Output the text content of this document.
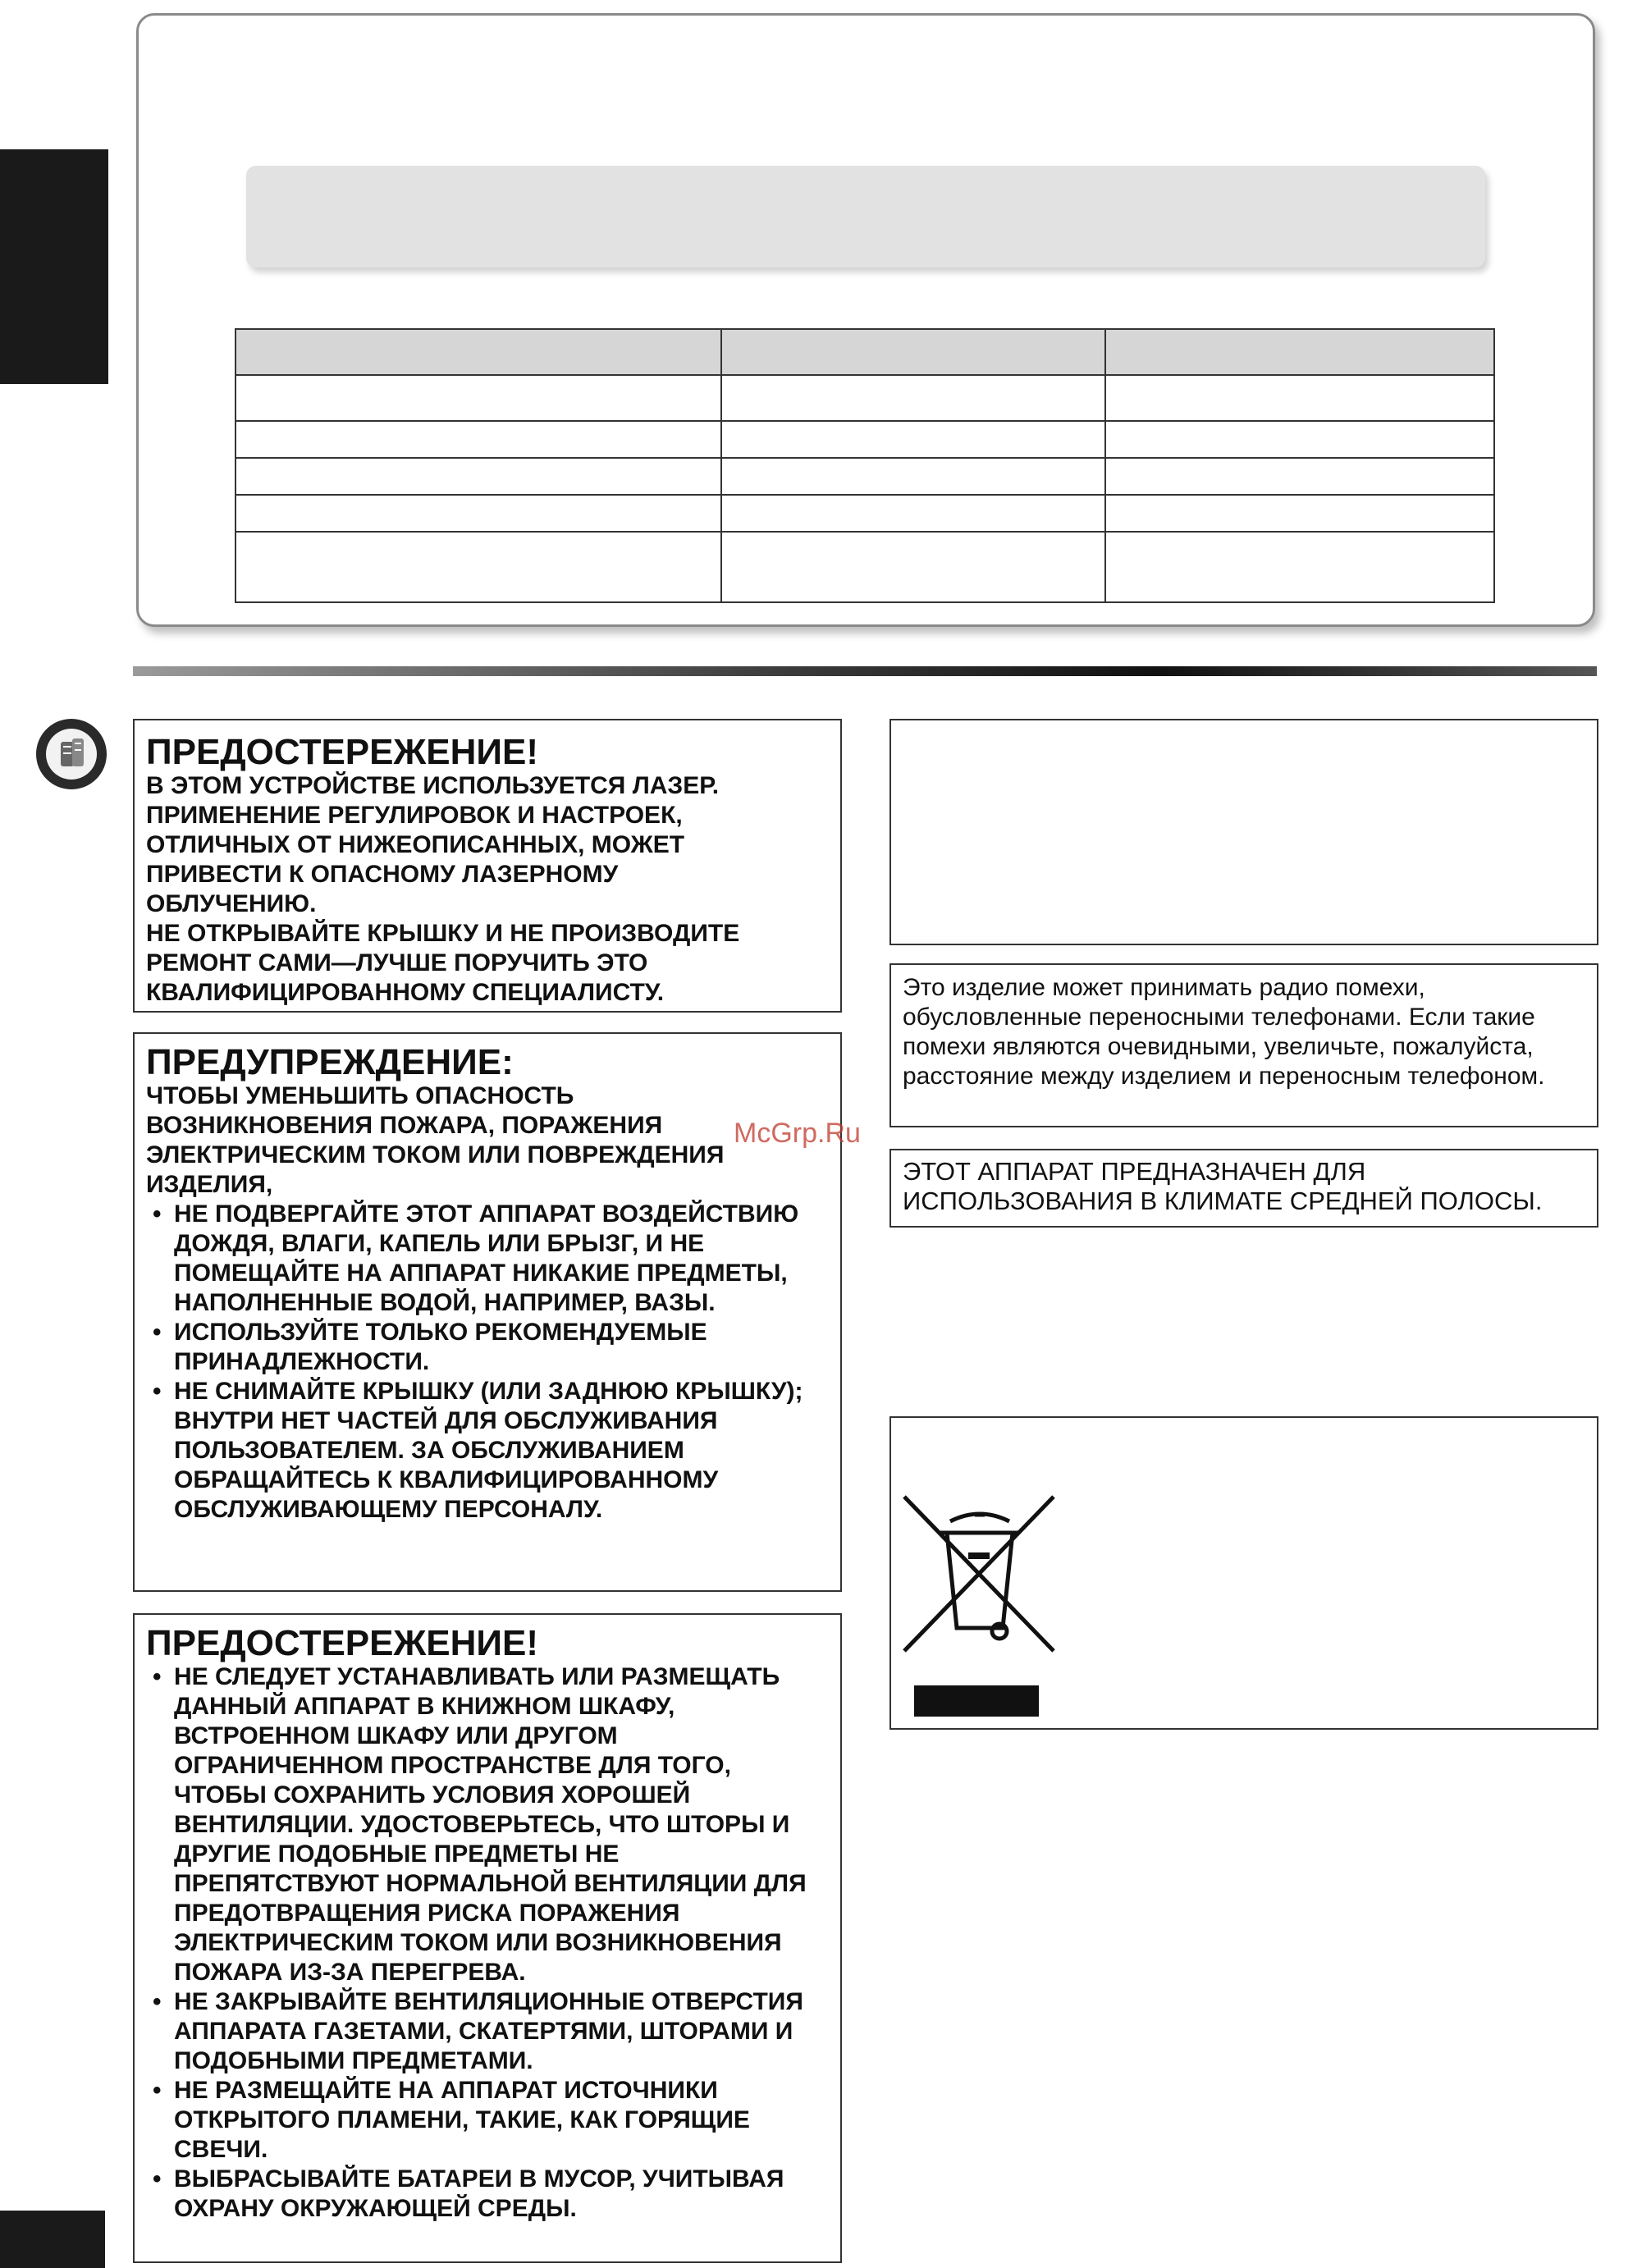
ПРЕДОСТЕРЕЖЕНИЕ!
В ЭТОМ УСТРОЙСТВЕ ИСПОЛЬЗУЕТСЯ ЛАЗЕР.
ПРИМЕНЕНИЕ РЕГУЛИРОВОК И НАСТРОЕК,
ОТЛИЧНЫХ ОТ НИЖЕОПИСАННЫХ, МОЖЕТ
ПРИВЕСТИ К ОПАСНОМУ ЛАЗЕРНОМУ
ОБЛУЧЕНИЮ.
НЕ ОТКРЫВАЙТЕ КРЫШКУ И НЕ ПРОИЗВОДИТЕ
РЕМОНТ САМИ—ЛУЧШЕ ПОРУЧИТЬ ЭТО
КВАЛИФИЦИРОВАННОМУ СПЕЦИАЛИСТУ.
ПРЕДУПРЕЖДЕНИЕ:
ЧТОБЫ УМЕНЬШИТЬ ОПАСНОСТЬ
ВОЗНИКНОВЕНИЯ ПОЖАРА, ПОРАЖЕНИЯ
ЭЛЕКТРИЧЕСКИМ ТОКОМ ИЛИ ПОВРЕЖДЕНИЯ
ИЗДЕЛИЯ,
• НЕ ПОДВЕРГАЙТЕ ЭТОТ АППАРАТ ВОЗДЕЙСТВИЮ ДОЖДЯ, ВЛАГИ, КАПЕЛЬ ИЛИ БРЫЗГ, И НЕ ПОМЕЩАЙТЕ НА АППАРАТ НИКАКИЕ ПРЕДМЕТЫ, НАПОЛНЕННЫЕ ВОДОЙ, НАПРИМЕР, ВАЗЫ.
• ИСПОЛЬЗУЙТЕ ТОЛЬКО РЕКОМЕНДУЕМЫЕ ПРИНАДЛЕЖНОСТИ.
• НЕ СНИМАЙТЕ КРЫШКУ (ИЛИ ЗАДНЮЮ КРЫШКУ); ВНУТРИ НЕТ ЧАСТЕЙ ДЛЯ ОБСЛУЖИВАНИЯ ПОЛЬЗОВАТЕЛЕМ. ЗА ОБСЛУЖИВАНИЕМ ОБРАЩАЙТЕСЬ К КВАЛИФИЦИРОВАННОМУ ОБСЛУЖИВАЮЩЕМУ ПЕРСОНАЛУ.
ПРЕДОСТЕРЕЖЕНИЕ!
• НЕ СЛЕДУЕТ УСТАНАВЛИВАТЬ ИЛИ РАЗМЕЩАТЬ ДАННЫЙ АППАРАТ В КНИЖНОМ ШКАФУ, ВСТРОЕННОМ ШКАФУ ИЛИ ДРУГОМ ОГРАНИЧЕННОМ ПРОСТРАНСТВЕ ДЛЯ ТОГО, ЧТОБЫ СОХРАНИТЬ УСЛОВИЯ ХОРОШЕЙ ВЕНТИЛЯЦИИ. УДОСТОВЕРЬТЕСЬ, ЧТО ШТОРЫ И ДРУГИЕ ПОДОБНЫЕ ПРЕДМЕТЫ НЕ ПРЕПЯТСТВУЮТ НОРМАЛЬНОЙ ВЕНТИЛЯЦИИ ДЛЯ ПРЕДОТВРАЩЕНИЯ РИСКА ПОРАЖЕНИЯ ЭЛЕКТРИЧЕСКИМ ТОКОМ ИЛИ ВОЗНИКНОВЕНИЯ ПОЖАРА ИЗ-ЗА ПЕРЕГРЕВА.
• НЕ ЗАКРЫВАЙТЕ ВЕНТИЛЯЦИОННЫЕ ОТВЕРСТИЯ АППАРАТА ГАЗЕТАМИ, СКАТЕРТЯМИ, ШТОРАМИ И ПОДОБНЫМИ ПРЕДМЕТАМИ.
• НЕ РАЗМЕЩАЙТЕ НА АППАРАТ ИСТОЧНИКИ ОТКРЫТОГО ПЛАМЕНИ, ТАКИЕ, КАК ГОРЯЩИЕ СВЕЧИ.
• ВЫБРАСЫВАЙТЕ БАТАРЕИ В МУСОР, УЧИТЫВАЯ ОХРАНУ ОКРУЖАЮЩЕЙ СРЕДЫ.
Это изделие может принимать радио помехи, обусловленные переносными телефонами. Если такие помехи являются очевидными, увеличьте, пожалуйста, расстояние между изделием и переносным телефоном.
ЭТОТ АППАРАТ ПРЕДНАЗНАЧЕН ДЛЯ ИСПОЛЬЗОВАНИЯ В КЛИМАТЕ СРЕДНЕЙ ПОЛОСЫ.
McGrp.Ru
